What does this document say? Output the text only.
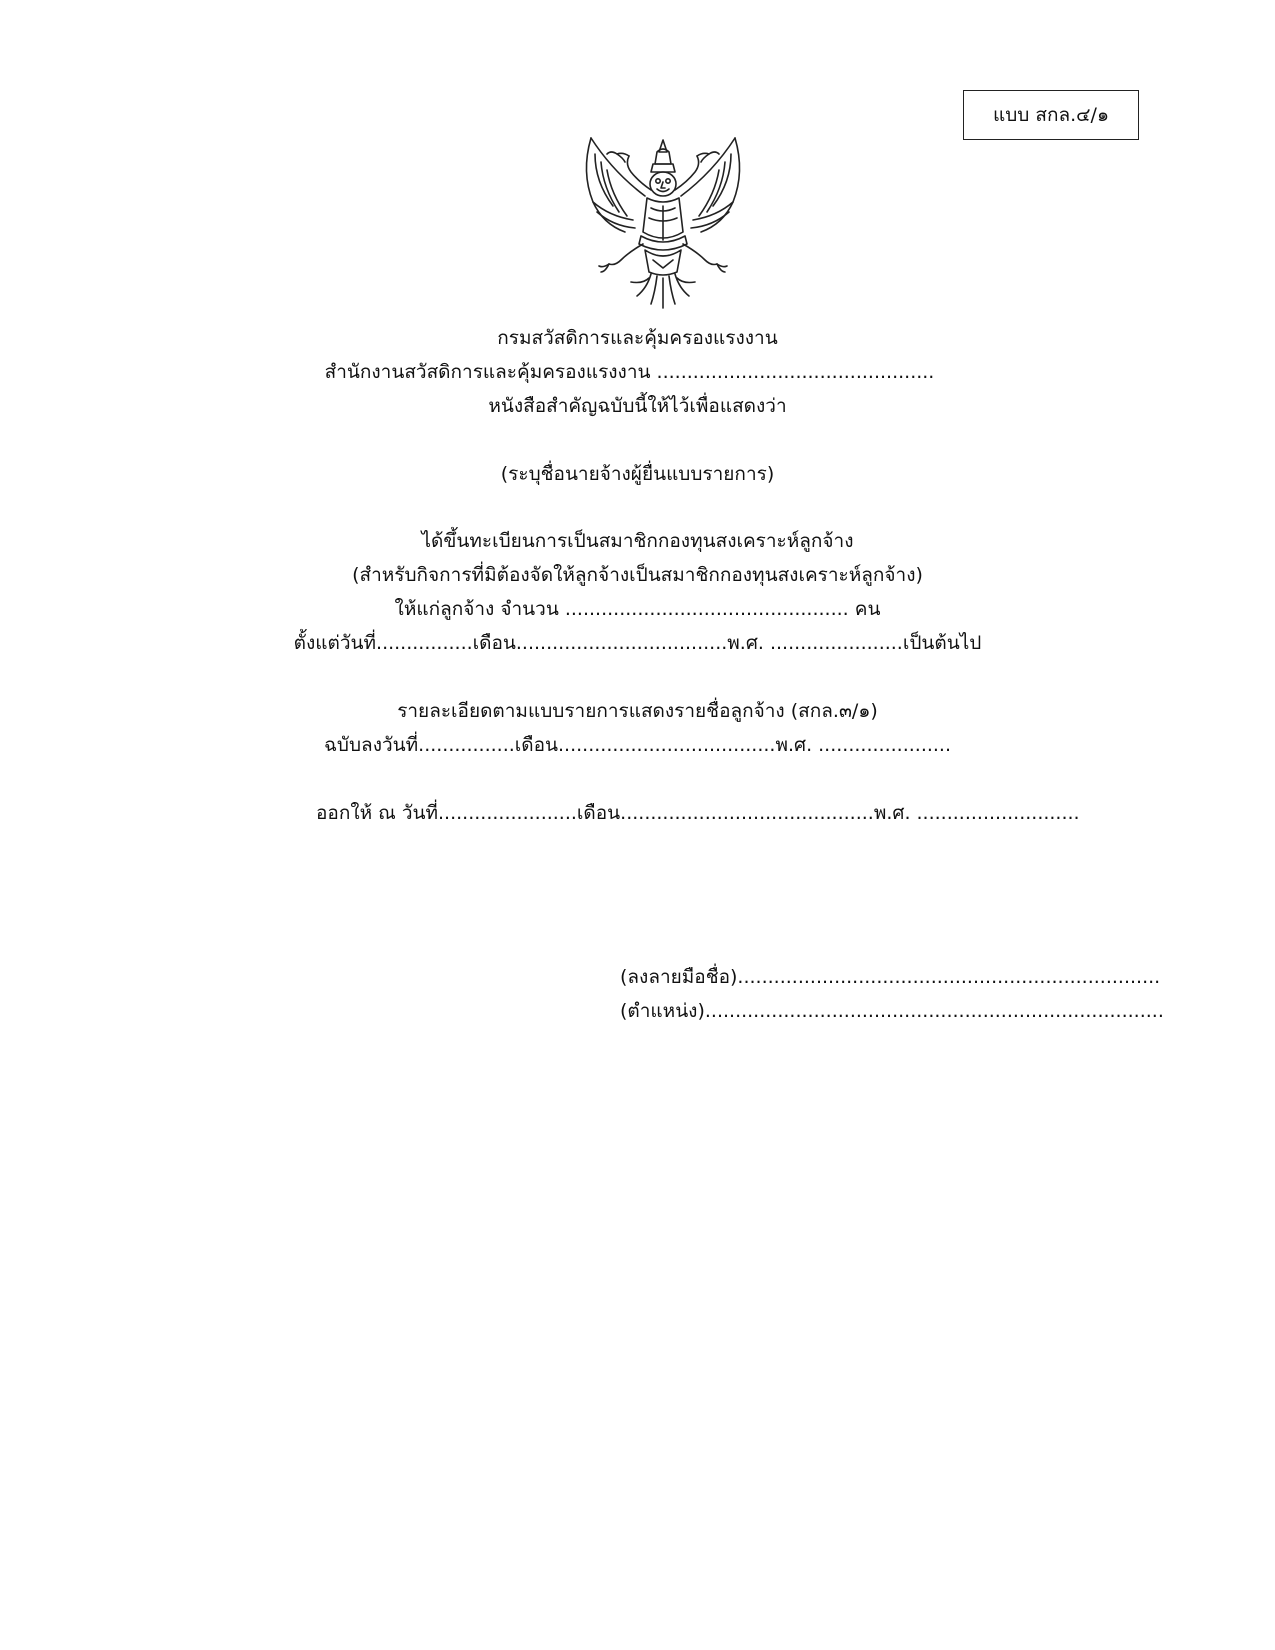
แบบ สกล.๔/๑
กรมสวัสดิการและคุ้มครองแรงงาน
สำนักงานสวัสดิการและคุ้มครองแรงงาน ..............................................
หนังสือสำคัญฉบับนี้ให้ไว้เพื่อแสดงว่า
(ระบุชื่อนายจ้างผู้ยื่นแบบรายการ)
ได้ขึ้นทะเบียนการเป็นสมาชิกกองทุนสงเคราะห์ลูกจ้าง
(สำหรับกิจการที่มิต้องจัดให้ลูกจ้างเป็นสมาชิกกองทุนสงเคราะห์ลูกจ้าง)
ให้แก่ลูกจ้าง จำนวน ............................................... คน
ตั้งแต่วันที่................เดือน...................................พ.ศ. ......................เป็นต้นไป
รายละเอียดตามแบบรายการแสดงรายชื่อลูกจ้าง (สกล.๓/๑)
ฉบับลงวันที่................เดือน....................................พ.ศ. ......................
ออกให้ ณ วันที่.......................เดือน..........................................พ.ศ. ...........................
(ลงลายมือชื่อ)......................................................................
(ตำแหน่ง)............................................................................
